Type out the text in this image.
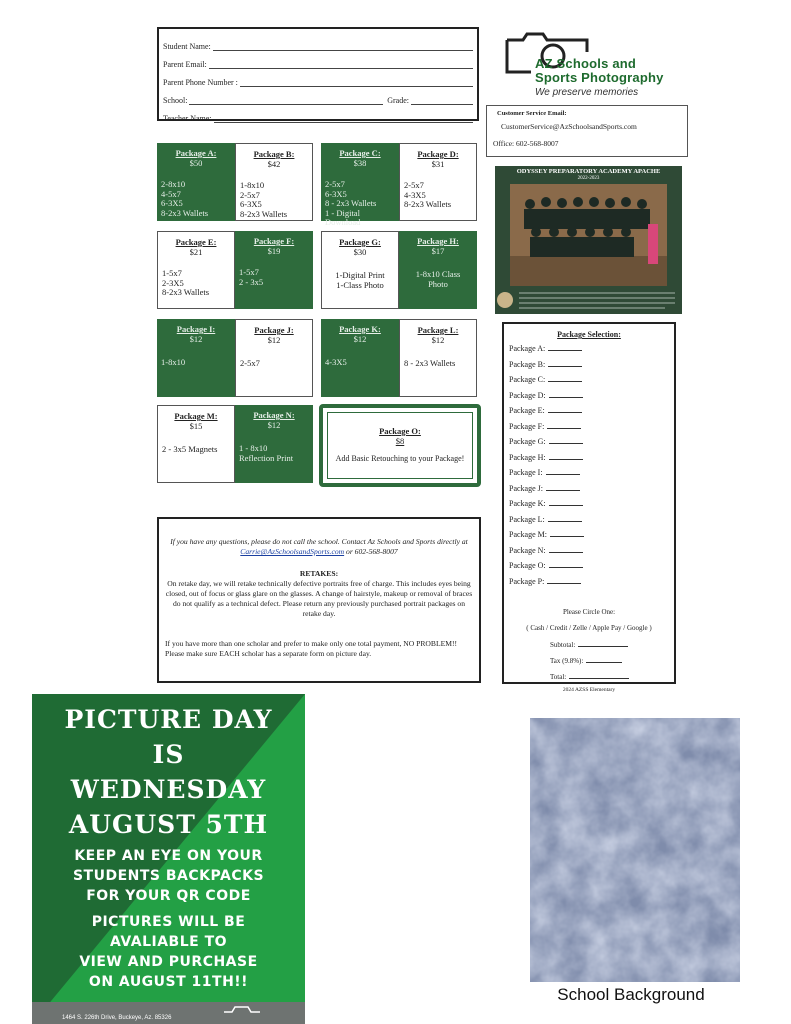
Student Name:
Parent Email:
Parent Phone Number :
School:	Grade:
Teacher Name:
AZ Schools and
Sports Photography
We preserve memories
Customer Service Email:
CustomerService@AzSchoolsandSports.com
Office: 602-568-8007
ODYSSEY PREPARATORY ACADEMY APACHE
2022-2023
Package A:
$50
2-8x10
4-5x7
6-3X5
8-2x3 Wallets
Package B:
$42
1-8x10
2-5x7
6-3X5
8-2x3 Wallets
Package C:
$38
2-5x7
6-3X5
8 - 2x3 Wallets
1 - Digital
Download
Package D:
$31
2-5x7
4-3X5
8-2x3 Wallets
Package E:
$21
1-5x7
2-3X5
8-2x3 Wallets
Package F:
$19
1-5x7
2 - 3x5
Package G:
$30
1-Digital Print
1-Class Photo
Package H:
$17
1-8x10 Class
Photo
Package I:
$12
1-8x10
Package J:
$12
2-5x7
Package K:
$12
4-3X5
Package L:
$12
8 - 2x3 Wallets
Package M:
$15
2 - 3x5 Magnets
Package N:
$12
1 - 8x10
Reflection Print
Package O:
$8
Add Basic Retouching to your Package!
If you have any questions, please do not call the school. Contact Az Schools and Sports directly at Carrie@AzSchoolsandSports.com or 602-568-8007
RETAKES:
On retake day, we will retake technically defective portraits free of charge. This includes eyes being closed, out of focus or glass glare on the glasses. A change of hairstyle, makeup or removal of braces do not qualify as a technical defect. Please return any previously purchased portrait packages on retake day.
If you have more than one scholar and prefer to make only one total payment, NO PROBLEM!! Please make sure EACH scholar has a separate form on picture day.
Package Selection:
Package A:
Package B:
Package C:
Package D:
Package E:
Package F:
Package G:
Package H:
Package I:
Package J:
Package K:
Package L:
Package M:
Package N:
Package O:
Package P:
Please Circle One:
( Cash / Credit / Zelle / Apple Pay / Google )
Subtotal:
Tax (9.8%):
Total:
2024 AZSS Elementary
PICTURE DAY
IS
WEDNESDAY
AUGUST 5TH
KEEP AN EYE ON YOUR
STUDENTS BACKPACKS
FOR YOUR QR CODE
PICTURES WILL BE
AVALIABLE TO
VIEW AND PURCHASE
ON AUGUST 11TH!!
1464 S. 226th Drive, Buckeye, Az. 85326
School Background
